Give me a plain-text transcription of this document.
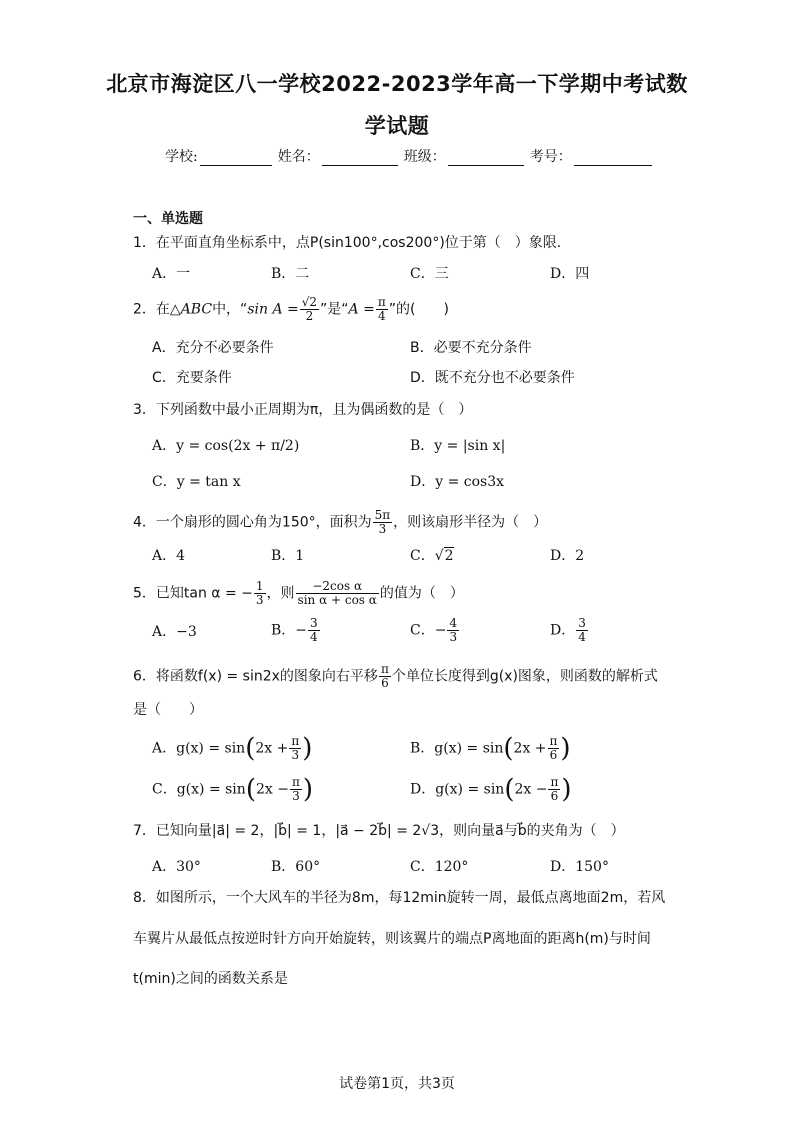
北京市海淀区八一学校2022-2023学年高一下学期中考试数
学试题
学校:	姓名：	班级：	考号：
一、单选题
1．在平面直角坐标系中，点P(sin100°,cos200°)位于第（　）象限.
A．一	B．二	C．三	D．四
2．在△ABC中，“sin $A = \frac{√2}{2}$ ”是“$A = \frac{\pi}{4}$ ”的(　　)
A．充分不必要条件	B．必要不充分条件
C．充要条件	D．既不充分也不必要条件
3．下列函数中最小正周期为π，且为偶函数的是（　）
A．y = cos(2x + π/2)	B．y = |sin x|
C．y = tan x	D．y = cos3x
4．一个扇形的圆心角为150°，面积为 $\frac{5\pi}{3}$ ，则该扇形半径为（　）
A．4	B．1	C．√2	D．2
5．已知tan α = − $\frac{1}{3}$ ，则 $\frac{\text{−2cos α}}{\text{sin α + cos α}}$ 的值为（　）
A．−3	B．− $\frac{3}{4}$	C．− $\frac{4}{3}$	D． $\frac{3}{4}$
6．将函数f(x) = sin2x的图象向右平移 $\frac{\pi}{6}$ 个单位长度得到g(x)图象，则函数的解析式
是（　　）
A．$g(x) = \sin(2x + \frac{\pi}{3}$ )	B．$g(x) = \sin(2x + \frac{\pi}{6}$ )
C．$g(x) = \sin(2x - \frac{\pi}{3}$ )	D．$g(x) = \sin(2x - \frac{\pi}{6}$ )
7．已知向量|a⃗| = 2，|b⃗| = 1，|a⃗ − 2b⃗| = 2√3，则向量a⃗与b⃗的夹角为（　）
A．30°	B．60°	C．120°	D．150°
8．如图所示，一个大风车的半径为8m，每12min旋转一周，最低点离地面2m，若风
车翼片从最低点按逆时针方向开始旋转，则该翼片的端点P离地面的距离h(m)与时间
t(min)之间的函数关系是
试卷第1页，共3页
